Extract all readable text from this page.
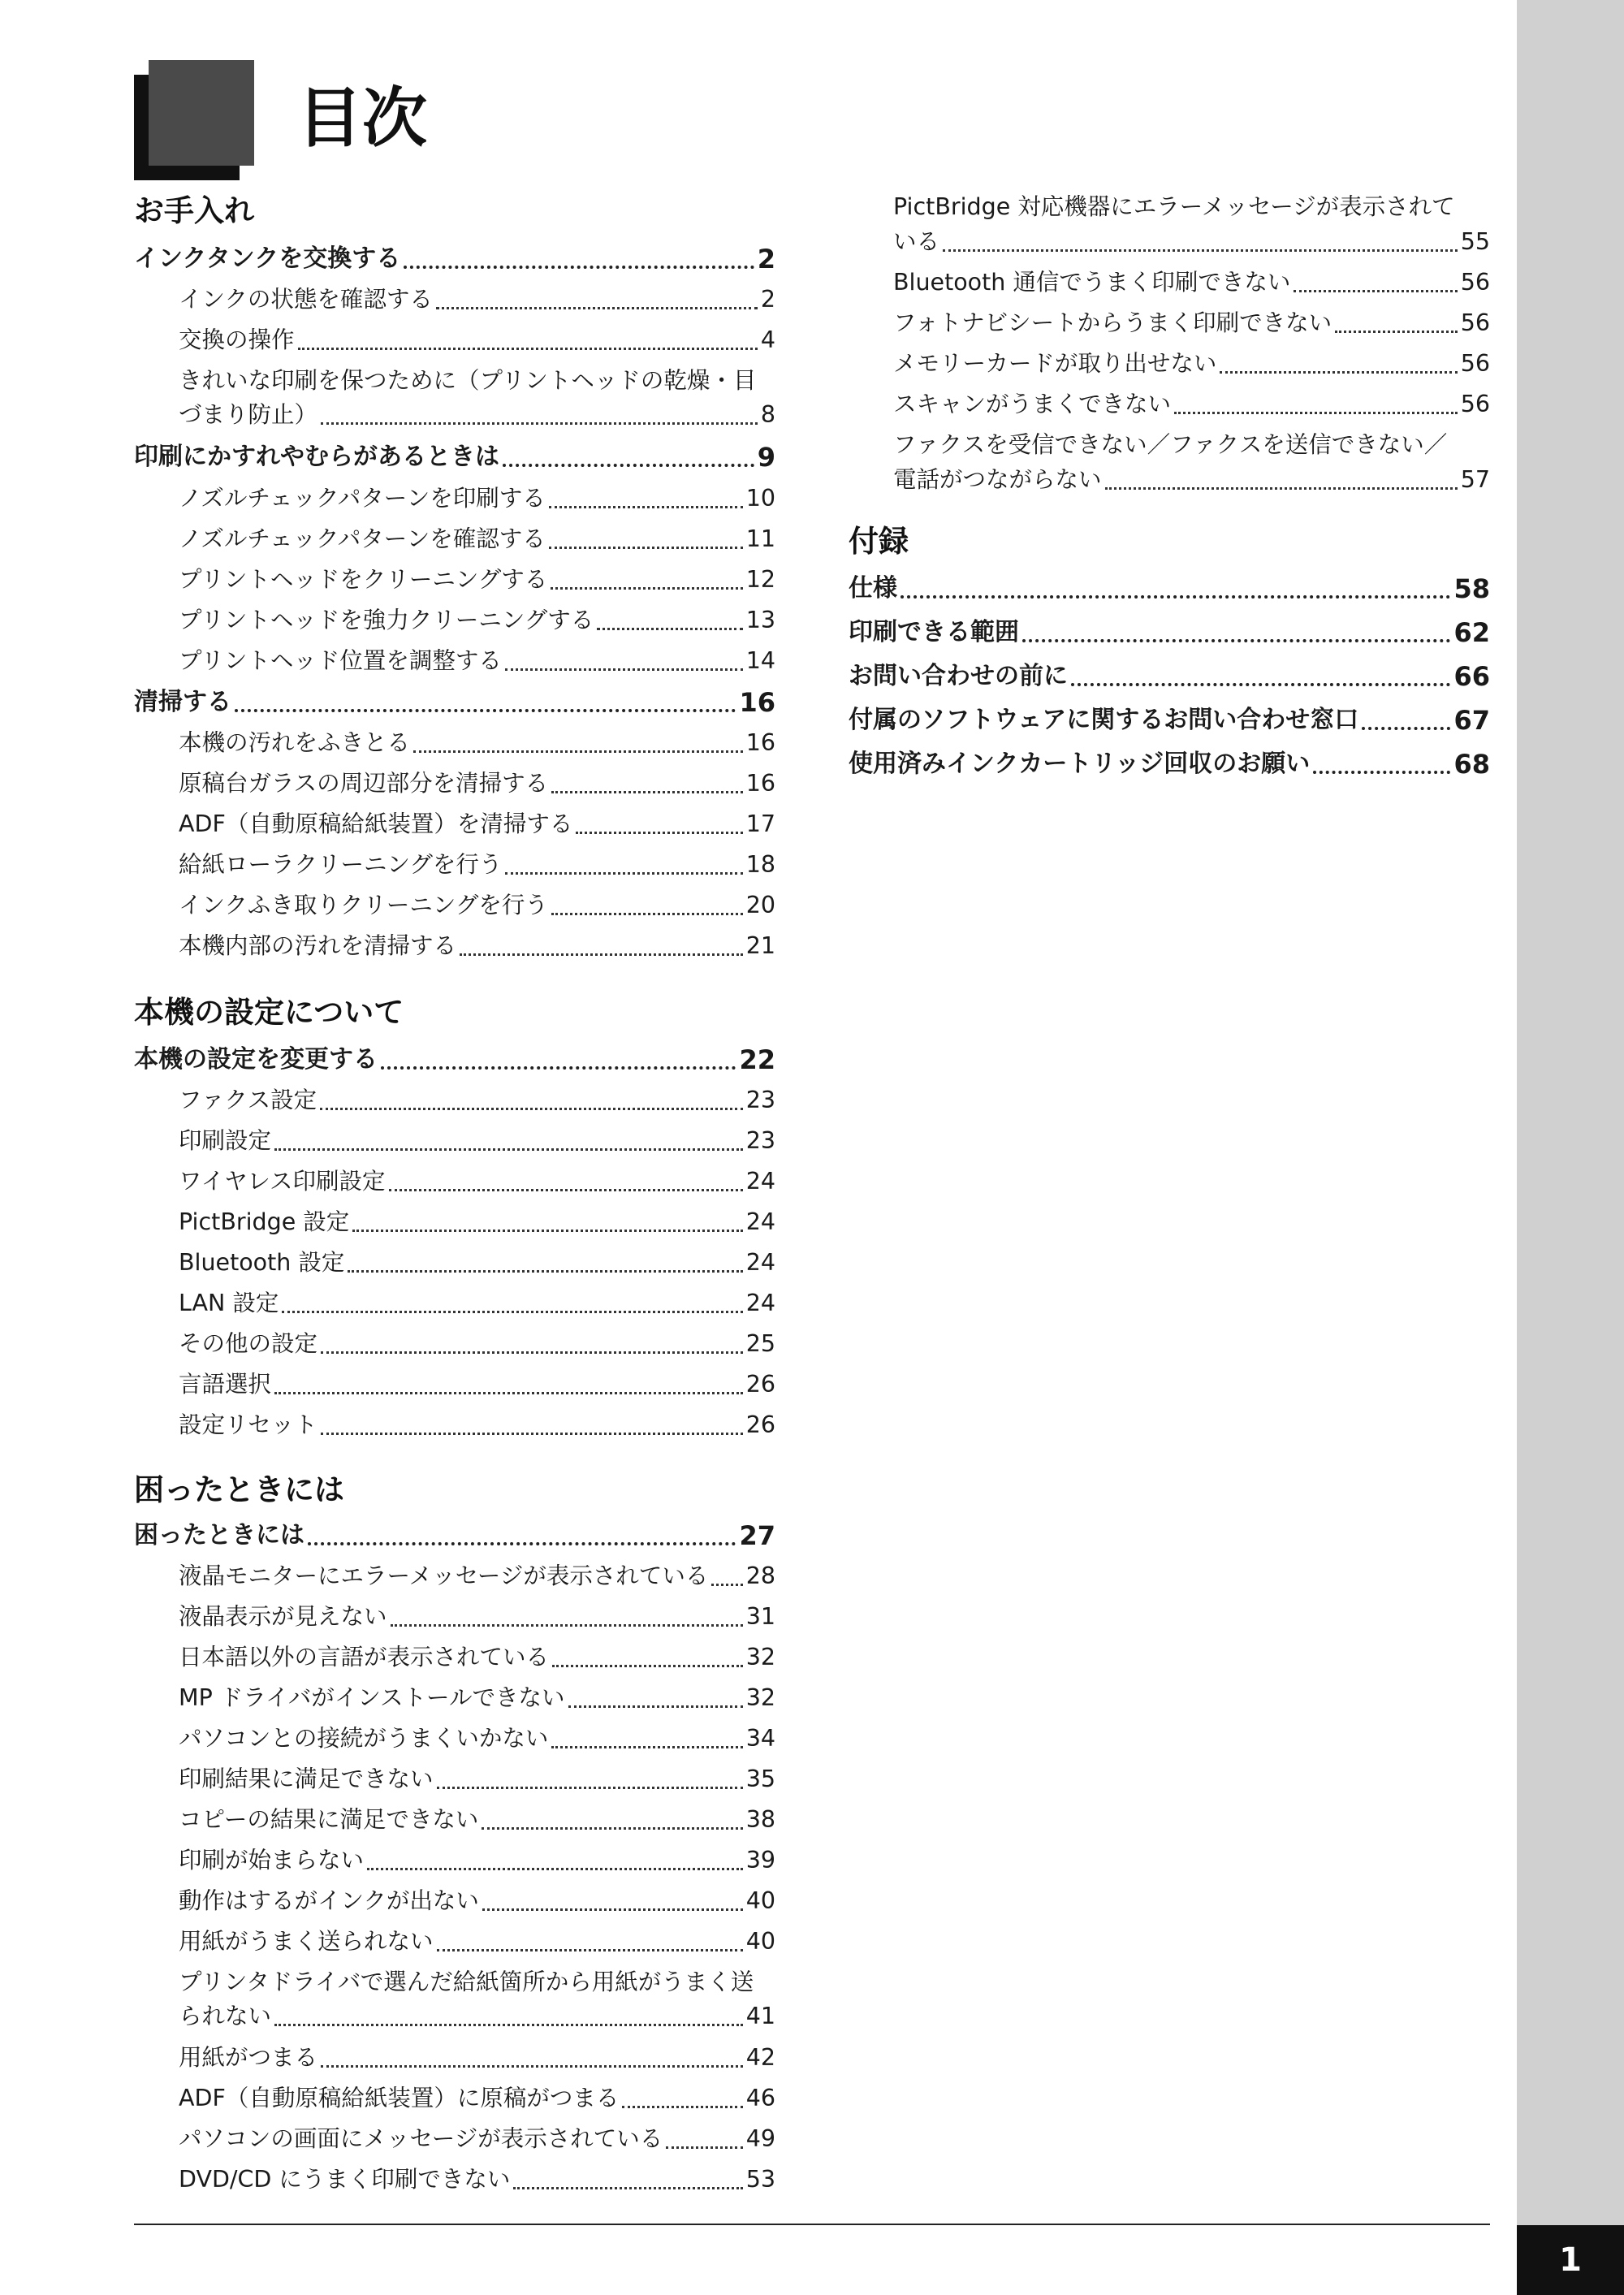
1
目次
お手入れ
インクタンクを交換する	2
インクの状態を確認する	2
交換の操作	4
きれいな印刷を保つために（プリントヘッドの乾燥・目
づまり防止）	8
印刷にかすれやむらがあるときは	9
ノズルチェックパターンを印刷する	10
ノズルチェックパターンを確認する	11
プリントヘッドをクリーニングする	12
プリントヘッドを強力クリーニングする	13
プリントヘッド位置を調整する	14
清掃する	16
本機の汚れをふきとる	16
原稿台ガラスの周辺部分を清掃する	16
ADF（自動原稿給紙装置）を清掃する	17
給紙ローラクリーニングを行う	18
インクふき取りクリーニングを行う	20
本機内部の汚れを清掃する	21
本機の設定について
本機の設定を変更する	22
ファクス設定	23
印刷設定	23
ワイヤレス印刷設定	24
PictBridge 設定	24
Bluetooth 設定	24
LAN 設定	24
その他の設定	25
言語選択	26
設定リセット	26
困ったときには
困ったときには	27
液晶モニターにエラーメッセージが表示されている 28
液晶表示が見えない	31
日本語以外の言語が表示されている	32
MP ドライバがインストールできない	32
パソコンとの接続がうまくいかない	34
印刷結果に満足できない	35
コピーの結果に満足できない	38
印刷が始まらない	39
動作はするがインクが出ない	40
用紙がうまく送られない	40
プリンタドライバで選んだ給紙箇所から用紙がうまく送
られない	41
用紙がつまる	42
ADF（自動原稿給紙装置）に原稿がつまる	46
パソコンの画面にメッセージが表示されている	49
DVD/CD にうまく印刷できない	53
PictBridge 対応機器にエラーメッセージが表示されて
いる	55
Bluetooth 通信でうまく印刷できない	56
フォトナビシートからうまく印刷できない	56
メモリーカードが取り出せない	56
スキャンがうまくできない	56
ファクスを受信できない／ファクスを送信できない／
電話がつながらない	57
付録
仕様	58
印刷できる範囲	62
お問い合わせの前に	66
付属のソフトウェアに関するお問い合わせ窓口	67
使用済みインクカートリッジ回収のお願い	68
